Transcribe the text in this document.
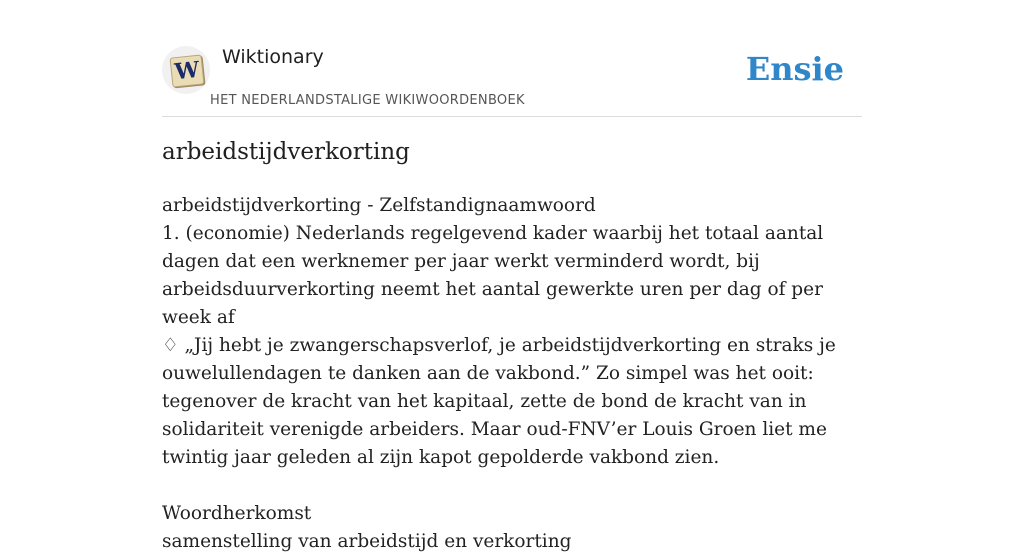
W Wiktionary
HET NEDERLANDSTALIGE WIKIWOORDENBOEK
Ensie
arbeidstijdverkorting

arbeidstijdverkorting - Zelfstandignaamwoord

1. (economie) Nederlands regelgevend kader waarbij het totaal aantal dagen dat een werknemer per jaar werkt verminderd wordt, bij arbeidsduurverkorting neemt het aantal gewerkte uren per dag of per week af

♢ „Jij hebt je zwangerschapsverlof, je arbeidstijdverkorting en straks je ouwelullendagen te danken aan de vakbond.” Zo simpel was het ooit: tegenover de kracht van het kapitaal, zette de bond de kracht van in solidariteit verenigde arbeiders. Maar oud-FNV’er Louis Groen liet me twintig jaar geleden al zijn kapot gepolderde vakbond zien.

Woordherkomst

samenstelling van arbeidstijd en verkorting
